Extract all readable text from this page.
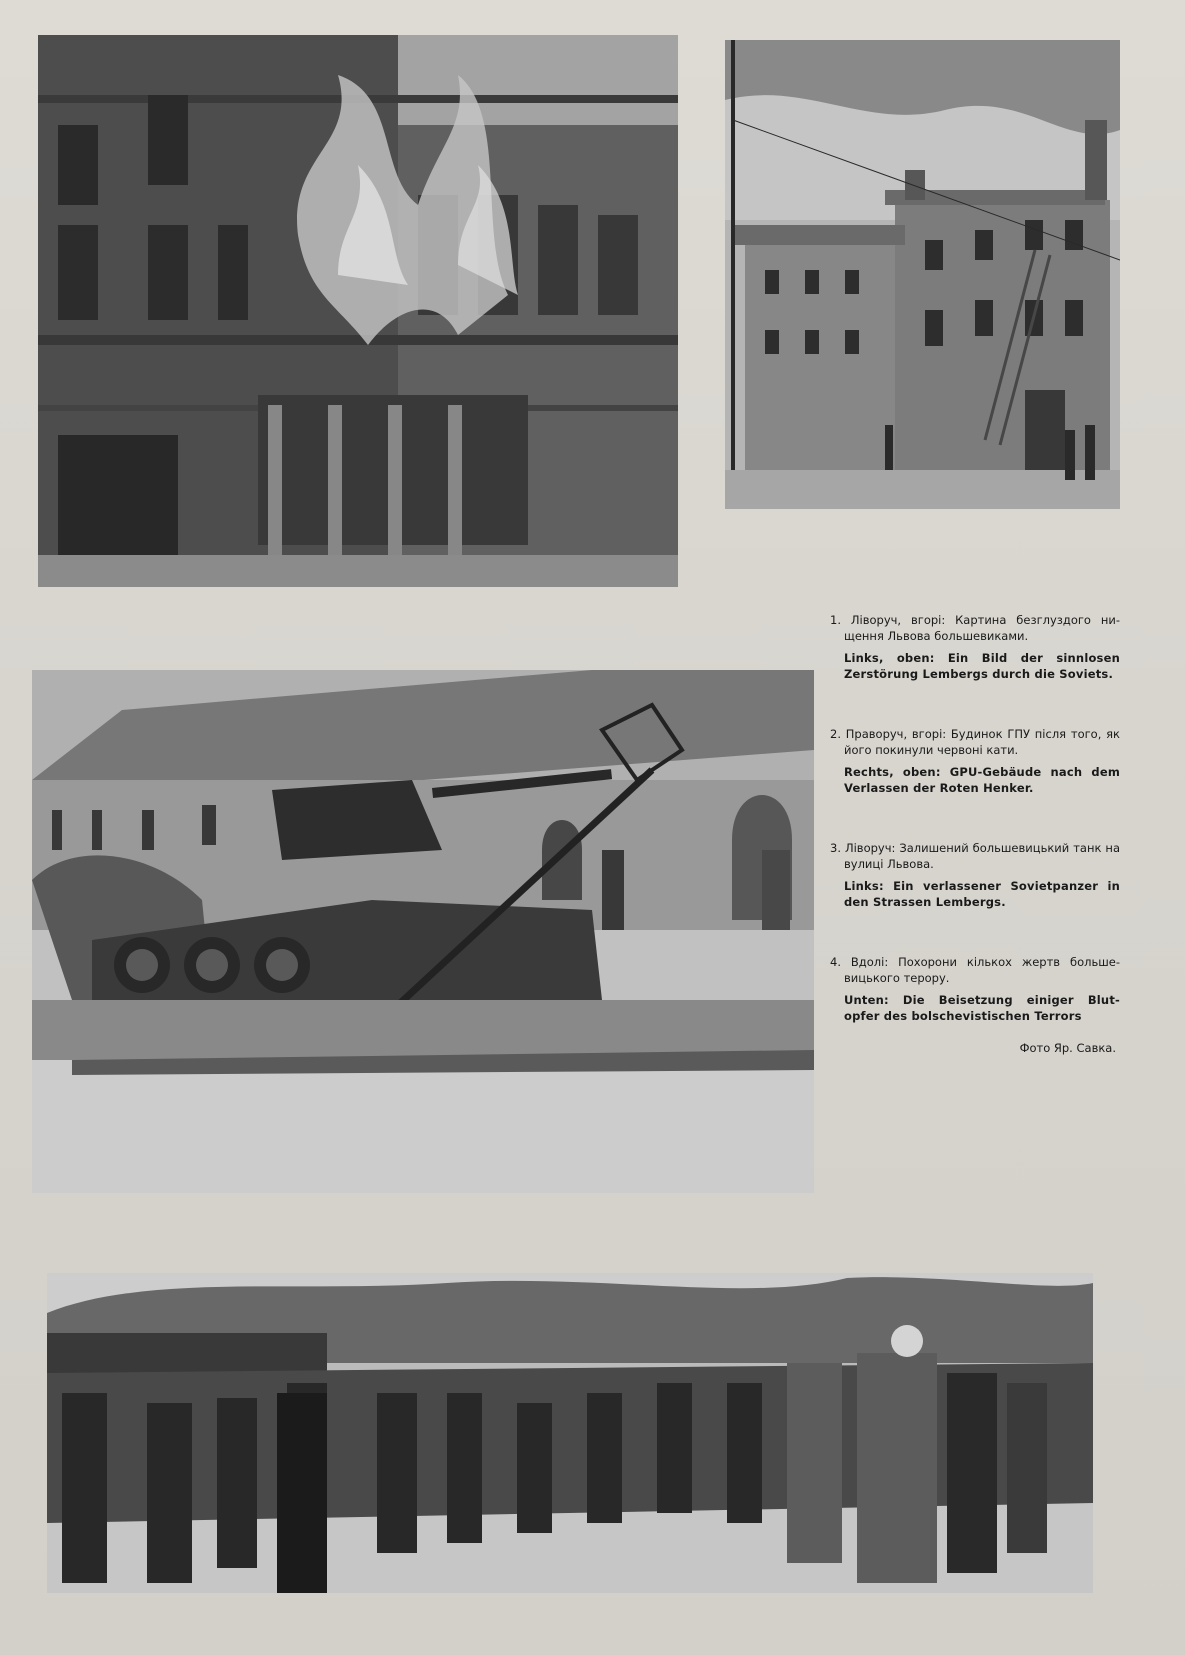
1. Ліворуч, вгорі: Картина безглуздого ни- щення Львова большевиками.

Links, oben: Ein Bild der sinnlosen Zerstörung Lembergs durch die Soviets.

2. Праворуч, вгорі: Будинок ГПУ після того, як його покинули червоні кати.

Rechts, oben: GPU-Gebäude nach dem Verlassen der Roten Henker.

3. Ліворуч: Залишений большевицький танк на вулиці Львова.

Links: Ein verlassener Sovietpanzer in den Strassen Lembergs.

4. Вдолі: Похорони кількох жертв больше- вицького терору.

Unten: Die Beisetzung einiger Blut- opfer des bolschevistischen Terrors

Фото Яр. Савка.
